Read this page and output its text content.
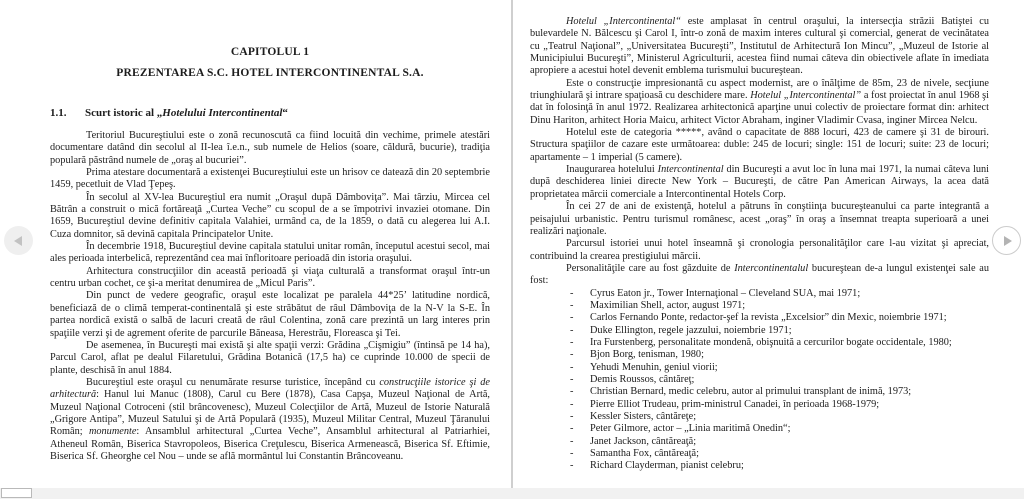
CAPITOLUL 1
PREZENTAREA S.C. HOTEL INTERCONTINENTAL S.A.
1.1.	Scurt istoric al „Hotelului Intercontinental“

Teritoriul Bucureştiului este o zonă recunoscută ca fiind locuită din vechime, primele atestări documentare datând din secolul al II-lea î.e.n., sub numele de Helios (soare, căldură, bucurie), tradiţia populară păstrând numele de „oraş al bucuriei”.

Prima atestare documentară a existenţei Bucureştiului este un hrisov ce datează din 20 septembrie 1459, pecetluit de Vlad Ţepeş.

În secolul al XV-lea Bucureştiul era numit „Oraşul după Dâmboviţa”. Mai târziu, Mircea cel Bătrân a construit o mică fortăreaţă „Curtea Veche” cu scopul de a se împotrivi invaziei otomane. Din 1659, Bucureştiul devine definitiv capitala Valahiei, urmând ca, de la 1859, o dată cu alegerea lui A.I. Cuza domnitor, să devină capitala Principatelor Unite.

În decembrie 1918, Bucureştiul devine capitala statului unitar român, începutul acestui secol, mai ales perioada interbelică, reprezentând cea mai înfloritoare perioadă din istoria oraşului.

Arhitectura construcţiilor din această perioadă şi viaţa culturală a transformat oraşul într-un centru urban cochet, ce şi-a meritat denumirea de „Micul Paris”.

Din punct de vedere geografic, oraşul este localizat pe paralela 44*25’ latitudine nordică, beneficiază de o climă temperat-continentală şi este străbătut de râul Dâmboviţa de la N-V la S-E. În partea nordică există o salbă de lacuri creată de râul Colentina, zonă care prezintă un larg interes prin spaţiile verzi şi de agrement oferite de parcurile Băneasa, Herestrău, Floreasca şi Tei.

De asemenea, în Bucureşti mai există şi alte spaţii verzi: Grădina „Cişmigiu” (întinsă pe 14 ha), Parcul Carol, aflat pe dealul Filaretului, Grădina Botanică (17,5 ha) ce cuprinde 10.000 de specii de plante, deschisă în anul 1884.

Bucureştiul este oraşul cu nenumărate resurse turistice, începând cu construcţiile istorice şi de arhitectură: Hanul lui Manuc (1808), Carul cu Bere (1878), Casa Capşa, Muzeul Naţional de Artă, Muzeul Naţional Cotroceni (stil brâncovenesc), Muzeul Colecţiilor de Artă, Muzeul de Istorie Naturală „Grigore Antipa”, Muzeul Satului şi de Artă Populară (1935), Muzeul Militar Central, Muzeul Ţăranului Român; monumente: Ansamblul arhitectural „Curtea Veche”, Ansamblul arhitectural al Patriarhiei, Atheneul Român, Biserica Stavropoleos, Biserica Creţulescu, Biserica Armenească, Biserica Sf. Eftimie, Biserica Sf. Gheorghe cel Nou – unde se află mormântul lui Constantin Brâncoveanu.

Hotelul „Intercontinental“ este amplasat în centrul oraşului, la intersecţia străzii Batiştei cu bulevardele N. Bălcescu şi Carol I, într-o zonă de maxim interes cultural şi comercial, generat de vecinătatea cu „Teatrul Naţional”, „Universitatea Bucureşti”, Institutul de Arhitectură Ion Mincu”, „Muzeul de Istorie al Municipiului Bucureşti”, Ministerul Agriculturii, acestea fiind numai câteva din obiectivele aflate în imediata apropiere a acestui hotel devenit emblema turismului bucureştean.

Este o construcţie impresionantă cu aspect modernist, are o înălţime de 85m, 23 de nivele, secţiune triunghiulară şi intrare spaţioasă cu deschidere mare. Hotelul „Intercontinental” a fost proiectat în anul 1968 şi dat în folosinţă în anul 1972. Realizarea arhitectonică aparţine unui colectiv de proiectare format din: arhitect Dinu Hariton, arhitect Horia Maicu, arhitect Victor Abraham, inginer Vladimir Cvasa, inginer Mircea Nelcu.

Hotelul este de categoria *****, având o capacitate de 888 locuri, 423 de camere şi 31 de birouri. Structura spaţiilor de cazare este următoarea: duble: 245 de locuri; single: 151 de locuri; suite: 23 de locuri; apartamente – 1 imperial (5 camere).

Inaugurarea hotelului Intercontinental din Bucureşti a avut loc în luna mai 1971, la numai câteva luni după deschiderea liniei directe New York – Bucureşti, de către Pan American Airways, la acea dată proprietatea mărcii comerciale a Intercontinental Hotels Corp.

În cei 27 de ani de existenţă, hotelul a pătruns în conştiinţa bucureşteanului ca parte integrantă a peisajului urbanistic. Pentru turismul românesc, acest „oraş” în oraş a însemnat treapta superioară a unei realizări naţionale.

Parcursul istoriei unui hotel înseamnă şi cronologia personalităţilor care l-au vizitat şi apreciat, contribuind la crearea prestigiului mărcii.

Personalităţile care au fost găzduite de Intercontinentalul bucureştean de-a lungul existenţei sale au fost:

-	Cyrus Eaton jr., Tower Internaţional – Cleveland SUA, mai 1971;
-	Maximilian Shell, actor, august 1971;
-	Carlos Fernando Ponte, redactor-şef la revista „Excelsior” din Mexic, noiembrie 1971;
-	Duke Ellington, regele jazzului, noiembrie 1971;
-	Ira Furstenberg, personalitate mondenă, obişnuită a cercurilor bogate occidentale, 1980;
-	Bjon Borg, tenisman, 1980;
-	Yehudi Menuhin, geniul viorii;
-	Demis Roussos, cântăreţ;
-	Christian Bernard, medic celebru, autor al primului transplant de inimă, 1973;
-	Pierre Elliot Trudeau, prim-ministrul Canadei, în perioada 1968-1979;
-	Kessler Sisters, cântăreţe;
-	Peter Gilmore, actor – „Linia maritimă Onedin“;
-	Janet Jackson, cântăreaţă;
-	Samantha Fox, cântăreaţă;
-	Richard Clayderman, pianist celebru;
